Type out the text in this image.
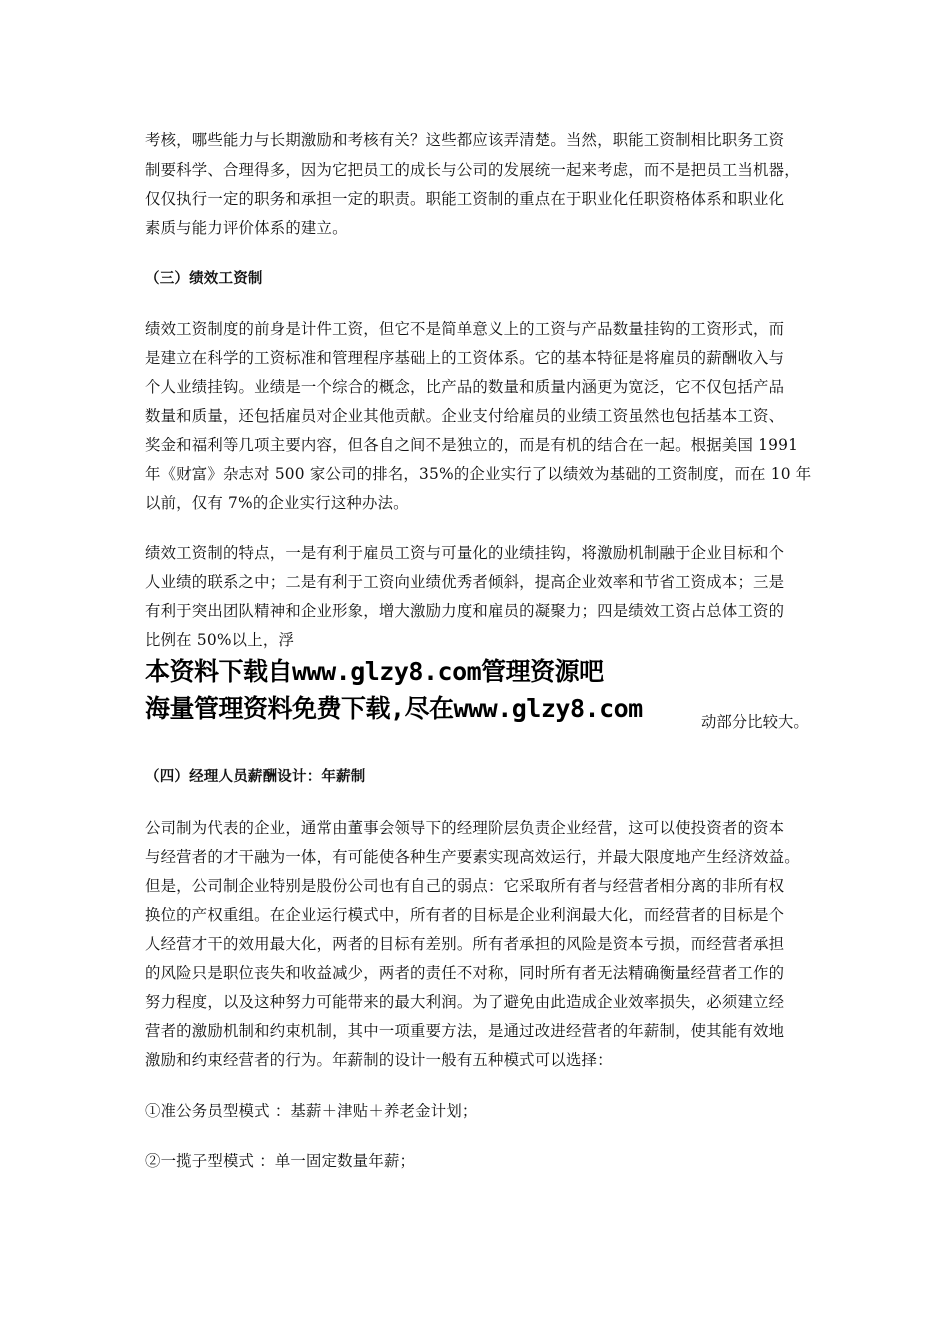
考核，哪些能力与长期激励和考核有关？这些都应该弄清楚。当然，职能工资制相比职务工资
制要科学、合理得多，因为它把员工的成长与公司的发展统一起来考虑，而不是把员工当机器，
仅仅执行一定的职务和承担一定的职责。职能工资制的重点在于职业化任职资格体系和职业化
素质与能力评价体系的建立。
（三）绩效工资制
绩效工资制度的前身是计件工资，但它不是简单意义上的工资与产品数量挂钩的工资形式，而
是建立在科学的工资标准和管理程序基础上的工资体系。它的基本特征是将雇员的薪酬收入与
个人业绩挂钩。业绩是一个综合的概念，比产品的数量和质量内涵更为宽泛，它不仅包括产品
数量和质量，还包括雇员对企业其他贡献。企业支付给雇员的业绩工资虽然也包括基本工资、
奖金和福利等几项主要内容，但各自之间不是独立的，而是有机的结合在一起。根据美国 1991
年《财富》杂志对 500 家公司的排名，35%的企业实行了以绩效为基础的工资制度，而在 10 年
以前，仅有 7%的企业实行这种办法。
绩效工资制的特点，一是有利于雇员工资与可量化的业绩挂钩，将激励机制融于企业目标和个
人业绩的联系之中；二是有利于工资向业绩优秀者倾斜，提高企业效率和节省工资成本；三是
有利于突出团队精神和企业形象，增大激励力度和雇员的凝聚力；四是绩效工资占总体工资的
比例在 50%以上，浮
本资料下载自www.glzy8.com管理资源吧
海量管理资料免费下载,尽在www.glzy8.com	动部分比较大。
（四）经理人员薪酬设计：年薪制
公司制为代表的企业，通常由董事会领导下的经理阶层负责企业经营，这可以使投资者的资本
与经营者的才干融为一体，有可能使各种生产要素实现高效运行，并最大限度地产生经济效益。
但是，公司制企业特别是股份公司也有自己的弱点：它采取所有者与经营者相分离的非所有权
换位的产权重组。在企业运行模式中，所有者的目标是企业利润最大化，而经营者的目标是个
人经营才干的效用最大化，两者的目标有差别。所有者承担的风险是资本亏损，而经营者承担
的风险只是职位丧失和收益减少，两者的责任不对称，同时所有者无法精确衡量经营者工作的
努力程度，以及这种努力可能带来的最大利润。为了避免由此造成企业效率损失，必须建立经
营者的激励机制和约束机制，其中一项重要方法，是通过改进经营者的年薪制，使其能有效地
激励和约束经营者的行为。年薪制的设计一般有五种模式可以选择：
①准公务员型模式 ：基薪＋津贴＋养老金计划；
②一揽子型模式 ：单一固定数量年薪；
